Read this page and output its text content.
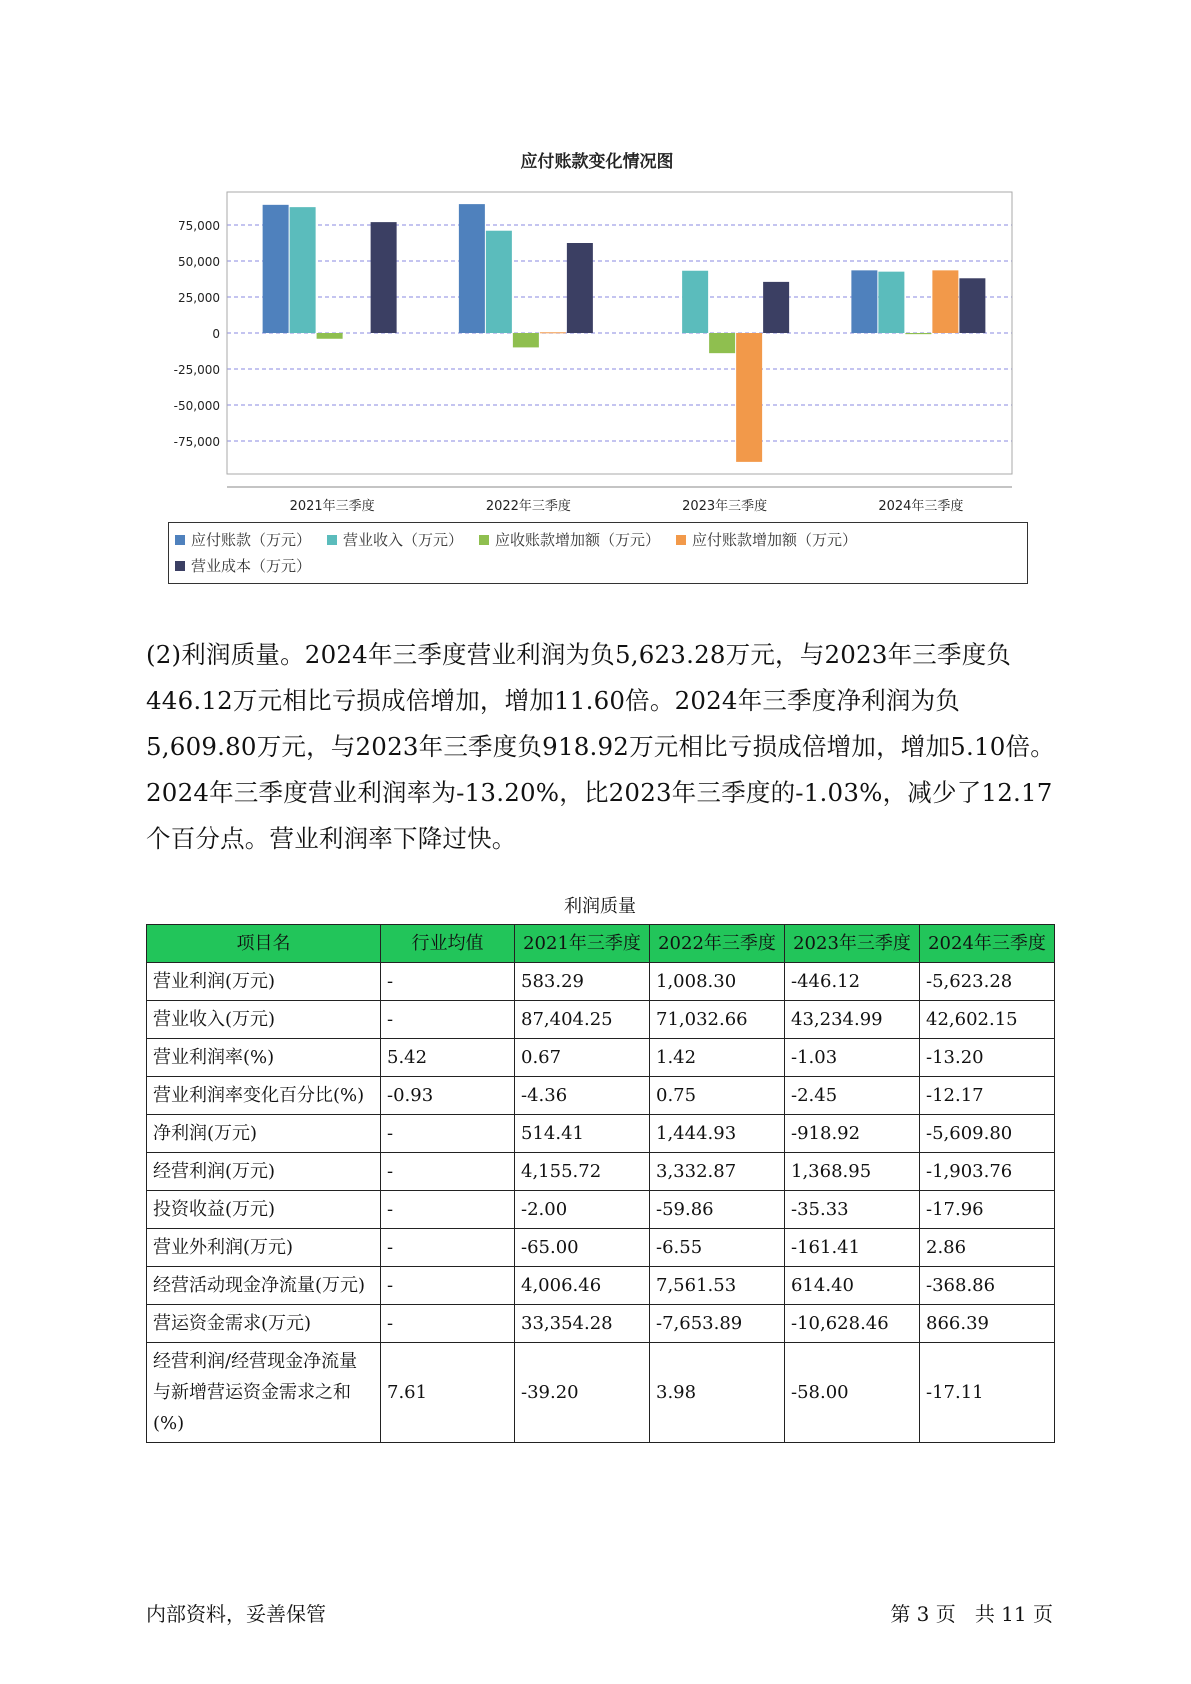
应付账款变化情况图
75,000
50,000
25,000
0
-25,000
-50,000
-75,000
2021年三季度	2022年三季度	2023年三季度	2024年三季度
应付账款（万元） 营业收入（万元） 应收账款增加额（万元） 应付账款增加额（万元）营业成本（万元）

(2)利润质量。2024年三季度营业利润为负5,623.28万元，与2023年三季度负446.12万元相比亏损成倍增加，增加11.60倍。2024年三季度净利润为负5,609.80万元，与2023年三季度负918.92万元相比亏损成倍增加，增加5.10倍。2024年三季度营业利润率为-13.20%，比2023年三季度的-1.03%，减少了12.17个百分点。营业利润率下降过快。

利润质量
项目名	行业均值	2021年三季度	2022年三季度	2023年三季度	2024年三季度
营业利润(万元)	-	583.29	1,008.30	-446.12	-5,623.28
营业收入(万元)	-	87,404.25	71,032.66	43,234.99	42,602.15
营业利润率(%)	5.42	0.67	1.42	-1.03	-13.20
营业利润率变化百分比(%)	-0.93	-4.36	0.75	-2.45	-12.17
净利润(万元)	-	514.41	1,444.93	-918.92	-5,609.80
经营利润(万元)	-	4,155.72	3,332.87	1,368.95	-1,903.76
投资收益(万元)	-	-2.00	-59.86	-35.33	-17.96
营业外利润(万元)	-	-65.00	-6.55	-161.41	2.86
经营活动现金净流量(万元)	-	4,006.46	7,561.53	614.40	-368.86
营运资金需求(万元)	-	33,354.28	-7,653.89	-10,628.46	866.39
经营利润/经营现金净流量与新增营运资金需求之和(%)	7.61	-39.20	3.98	-58.00	-17.11
内部资料，妥善保管	第 3 页   共 11 页
